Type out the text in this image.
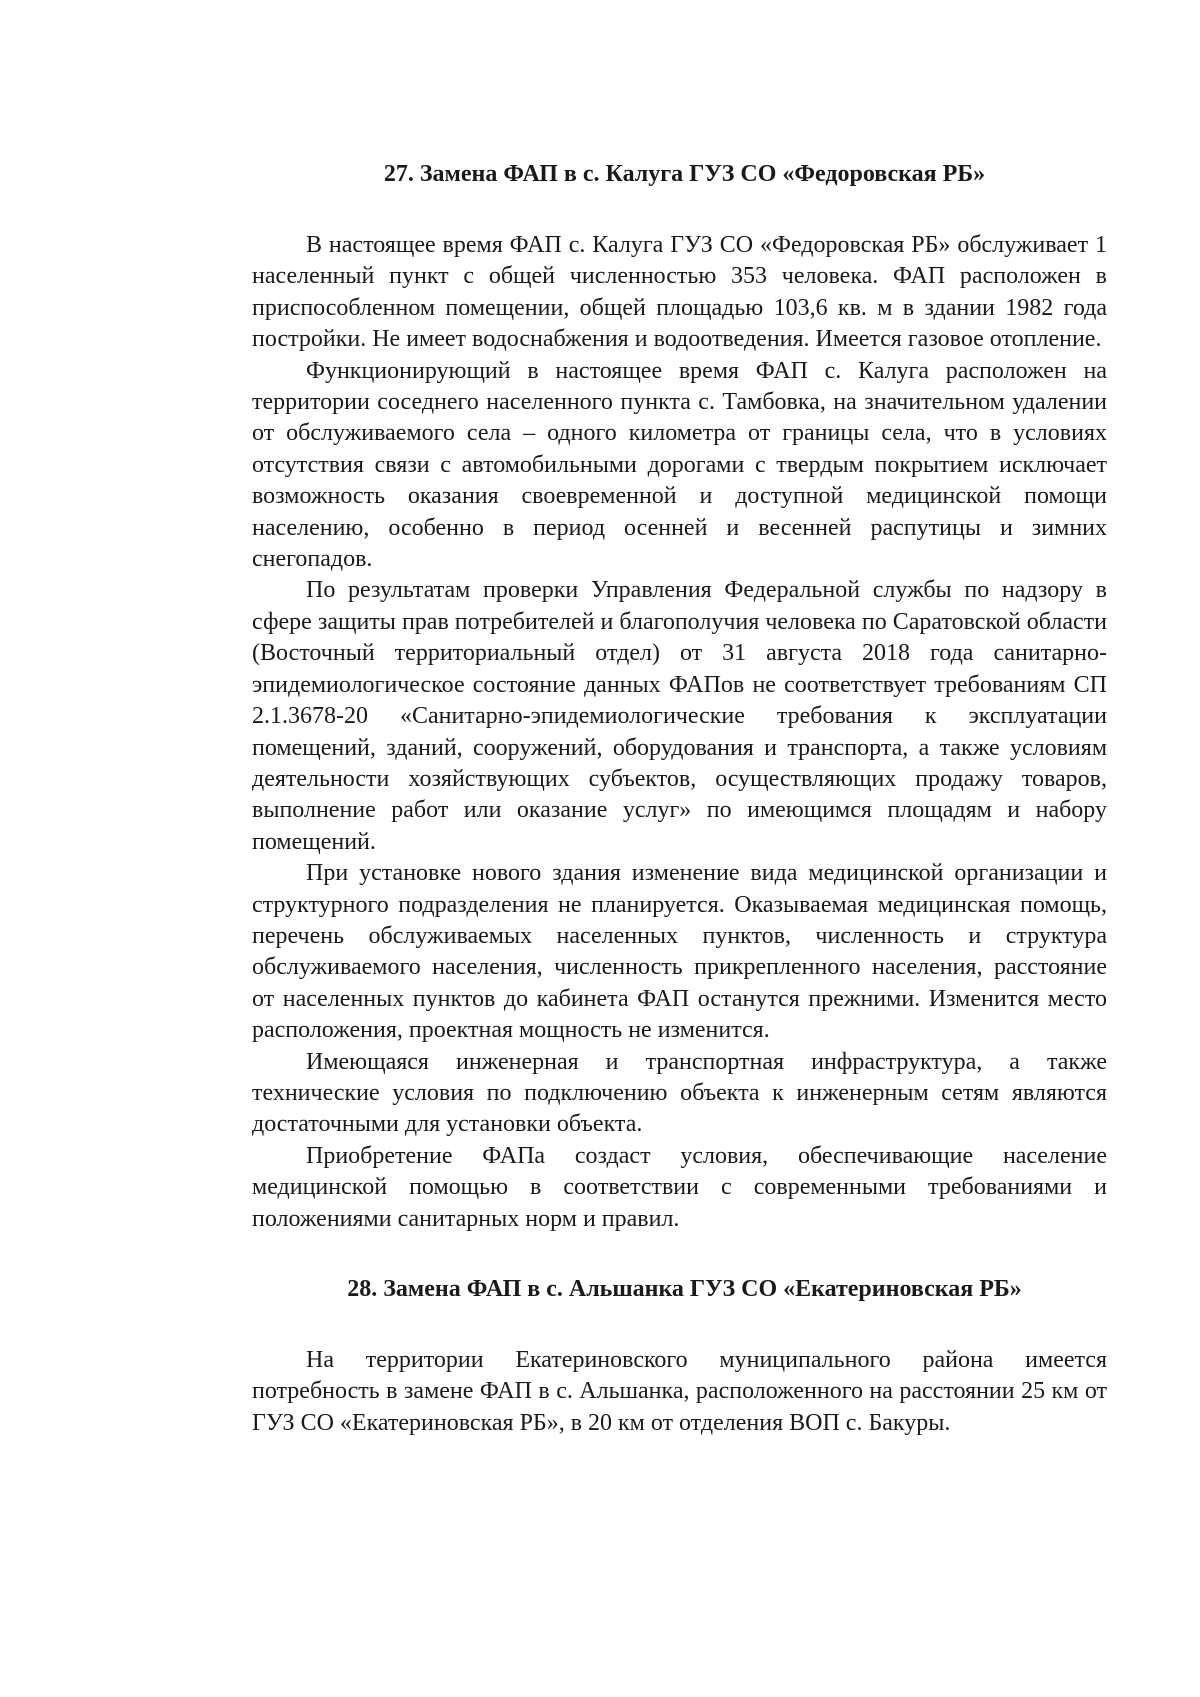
27. Замена ФАП в с. Калуга ГУЗ СО «Федоровская РБ»

В настоящее время ФАП с. Калуга ГУЗ СО «Федоровская РБ» обслуживает 1 населенный пункт с общей численностью 353 человека. ФАП расположен в приспособленном помещении, общей площадью 103,6 кв. м в здании 1982 года постройки. Не имеет водоснабжения и водоотведения. Имеется газовое отопление.

Функционирующий в настоящее время ФАП с. Калуга расположен на территории соседнего населенного пункта с. Тамбовка, на значительном удалении от обслуживаемого села – одного километра от границы села, что в условиях отсутствия связи с автомобильными дорогами с твердым покрытием исключает возможность оказания своевременной и доступной медицинской помощи населению, особенно в период осенней и весенней распутицы и зимних снегопадов.

По результатам проверки Управления Федеральной службы по надзору в сфере защиты прав потребителей и благополучия человека по Саратовской области (Восточный территориальный отдел) от 31 августа 2018 года санитарно-эпидемиологическое состояние данных ФАПов не соответствует требованиям СП 2.1.3678-20 «Санитарно-эпидемиологические требования к эксплуатации помещений, зданий, сооружений, оборудования и транспорта, а также условиям деятельности хозяйствующих субъектов, осуществляющих продажу товаров, выполнение работ или оказание услуг» по имеющимся площадям и набору помещений.

При установке нового здания изменение вида медицинской организации и структурного подразделения не планируется. Оказываемая медицинская помощь, перечень обслуживаемых населенных пунктов, численность и структура обслуживаемого населения, численность прикрепленного населения, расстояние от населенных пунктов до кабинета ФАП останутся прежними. Изменится место расположения, проектная мощность не изменится.

Имеющаяся инженерная и транспортная инфраструктура, а также технические условия по подключению объекта к инженерным сетям являются достаточными для установки объекта.

Приобретение ФАПа создаст условия, обеспечивающие население медицинской помощью в соответствии с современными требованиями и положениями санитарных норм и правил.

28. Замена ФАП в с. Альшанка ГУЗ СО «Екатериновская РБ»

На территории Екатериновского муниципального района имеется потребность в замене ФАП в с. Альшанка, расположенного на расстоянии 25 км от ГУЗ СО «Екатериновская РБ», в 20 км от отделения ВОП с. Бакуры.
